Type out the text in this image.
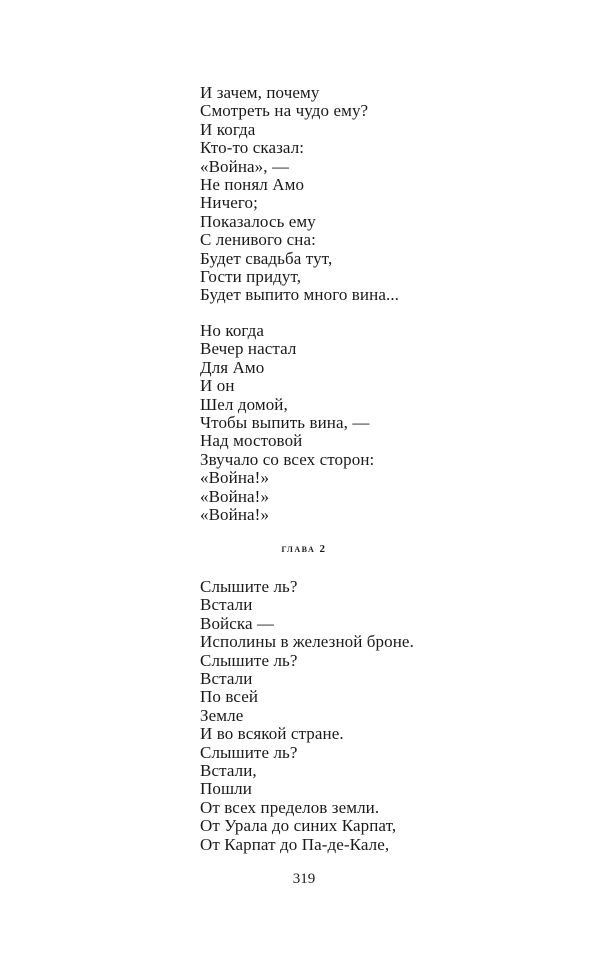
И зачем, почему
Смотреть на чудо ему?
И когда
Кто-то сказал:
«Война», —
Не понял Амо
Ничего;
Показалось ему
С ленивого сна:
Будет свадьба тут,
Гости придут,
Будет выпито много вина...
Но когда
Вечер настал
Для Амо
И он
Шел домой,
Чтобы выпить вина, —
Над мостовой
Звучало со всех сторон:
«Война!»
«Война!»
«Война!»
глава 2
Слышите ль?
Встали
Войска —
Исполины в железной броне.
Слышите ль?
Встали
По всей
Земле
И во всякой стране.
Слышите ль?
Встали,
Пошли
От всех пределов земли.
От Урала до синих Карпат,
От Карпат до Па-де-Кале,
319
